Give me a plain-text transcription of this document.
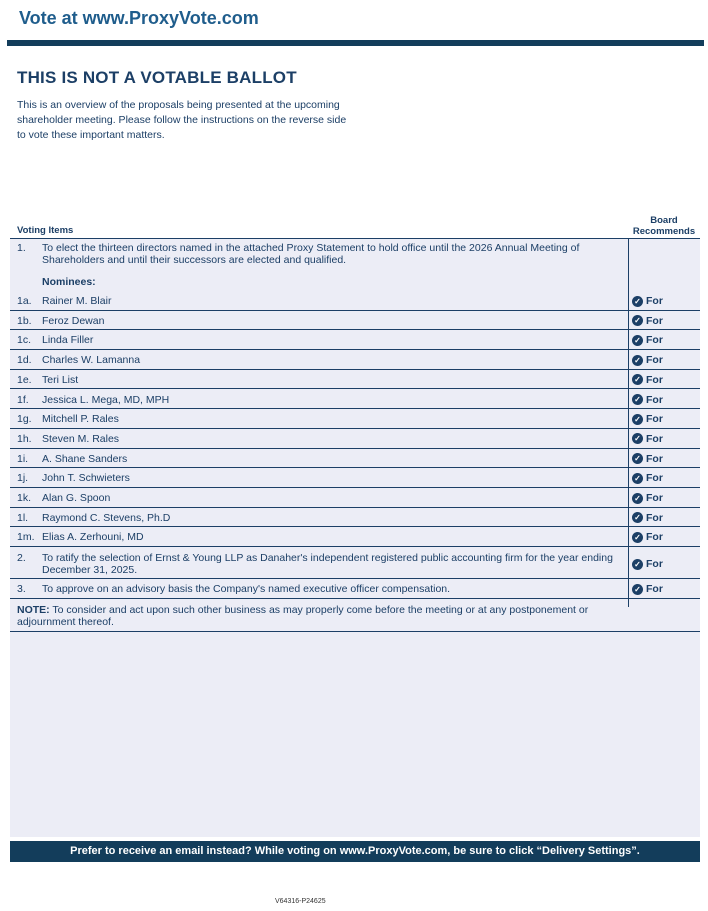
Vote at www.ProxyVote.com
THIS IS NOT A VOTABLE BALLOT
This is an overview of the proposals being presented at the upcoming shareholder meeting. Please follow the instructions on the reverse side to vote these important matters.
Voting Items
Board Recommends
1. To elect the thirteen directors named in the attached Proxy Statement to hold office until the 2026 Annual Meeting of Shareholders and until their successors are elected and qualified.
Nominees:
1a. Rainer M. Blair	✓ For
1b. Feroz Dewan	✓ For
1c. Linda Filler	✓ For
1d. Charles W. Lamanna	✓ For
1e. Teri List	✓ For
1f. Jessica L. Mega, MD, MPH	✓ For
1g. Mitchell P. Rales	✓ For
1h. Steven M. Rales	✓ For
1i. A. Shane Sanders	✓ For
1j. John T. Schwieters	✓ For
1k. Alan G. Spoon	✓ For
1l. Raymond C. Stevens, Ph.D	✓ For
1m. Elias A. Zerhouni, MD	✓ For
2. To ratify the selection of Ernst & Young LLP as Danaher's independent registered public accounting firm for the year ending December 31, 2025.	✓ For
3. To approve on an advisory basis the Company's named executive officer compensation.	✓ For
NOTE: To consider and act upon such other business as may properly come before the meeting or at any postponement or adjournment thereof.
Prefer to receive an email instead? While voting on www.ProxyVote.com, be sure to click “Delivery Settings”.
V64316-P24625
